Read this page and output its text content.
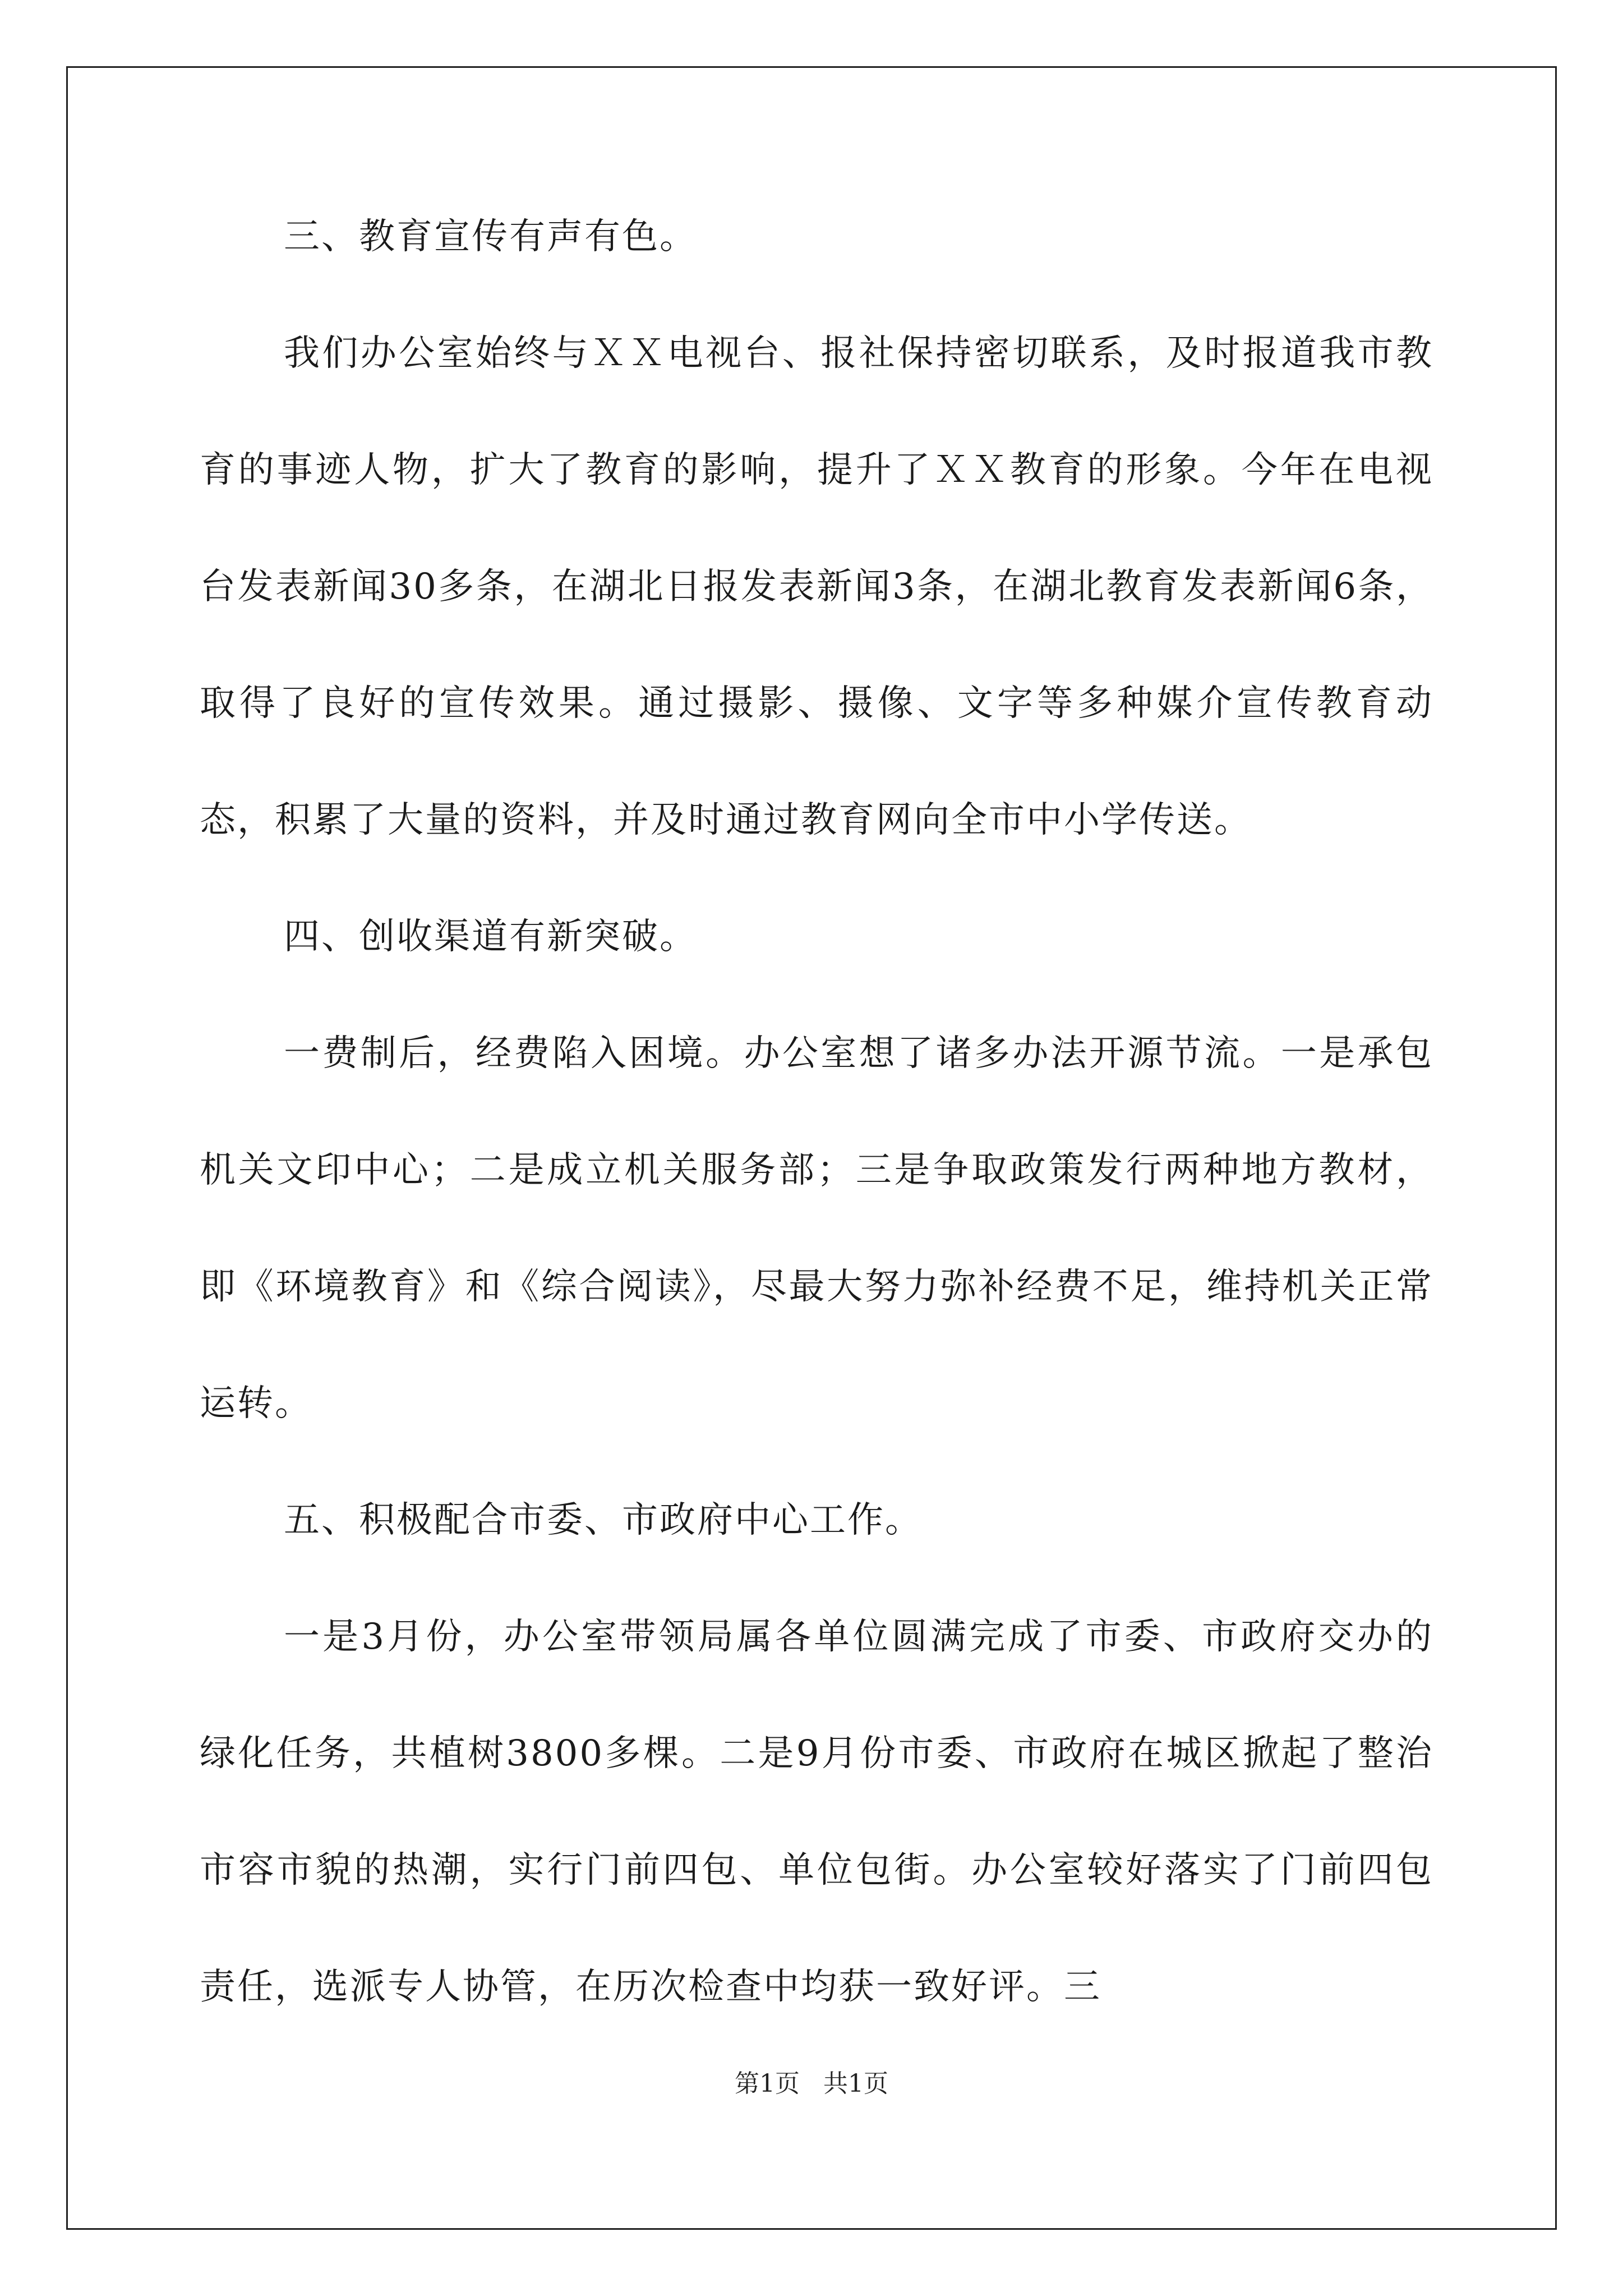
三、教育宣传有声有色。

我们办公室始终与ＸＸ电视台、报社保持密切联系，及时报道我市教育的事迹人物，扩大了教育的影响，提升了ＸＸ教育的形象。今年在电视台发表新闻30多条，在湖北日报发表新闻3条，在湖北教育发表新闻6条，取得了良好的宣传效果。通过摄影、摄像、文字等多种媒介宣传教育动态，积累了大量的资料，并及时通过教育网向全市中小学传送。

四、创收渠道有新突破。

一费制后，经费陷入困境。办公室想了诸多办法开源节流。一是承包机关文印中心；二是成立机关服务部；三是争取政策发行两种地方教材，即《环境教育》和《综合阅读》，尽最大努力弥补经费不足，维持机关正常运转。

五、积极配合市委、市政府中心工作。

一是3月份，办公室带领局属各单位圆满完成了市委、市政府交办的绿化任务，共植树3800多棵。二是9月份市委、市政府在城区掀起了整治市容市貌的热潮，实行门前四包、单位包街。办公室较好落实了门前四包责任，选派专人协管，在历次检查中均获一致好评。三

第1页 共1页
